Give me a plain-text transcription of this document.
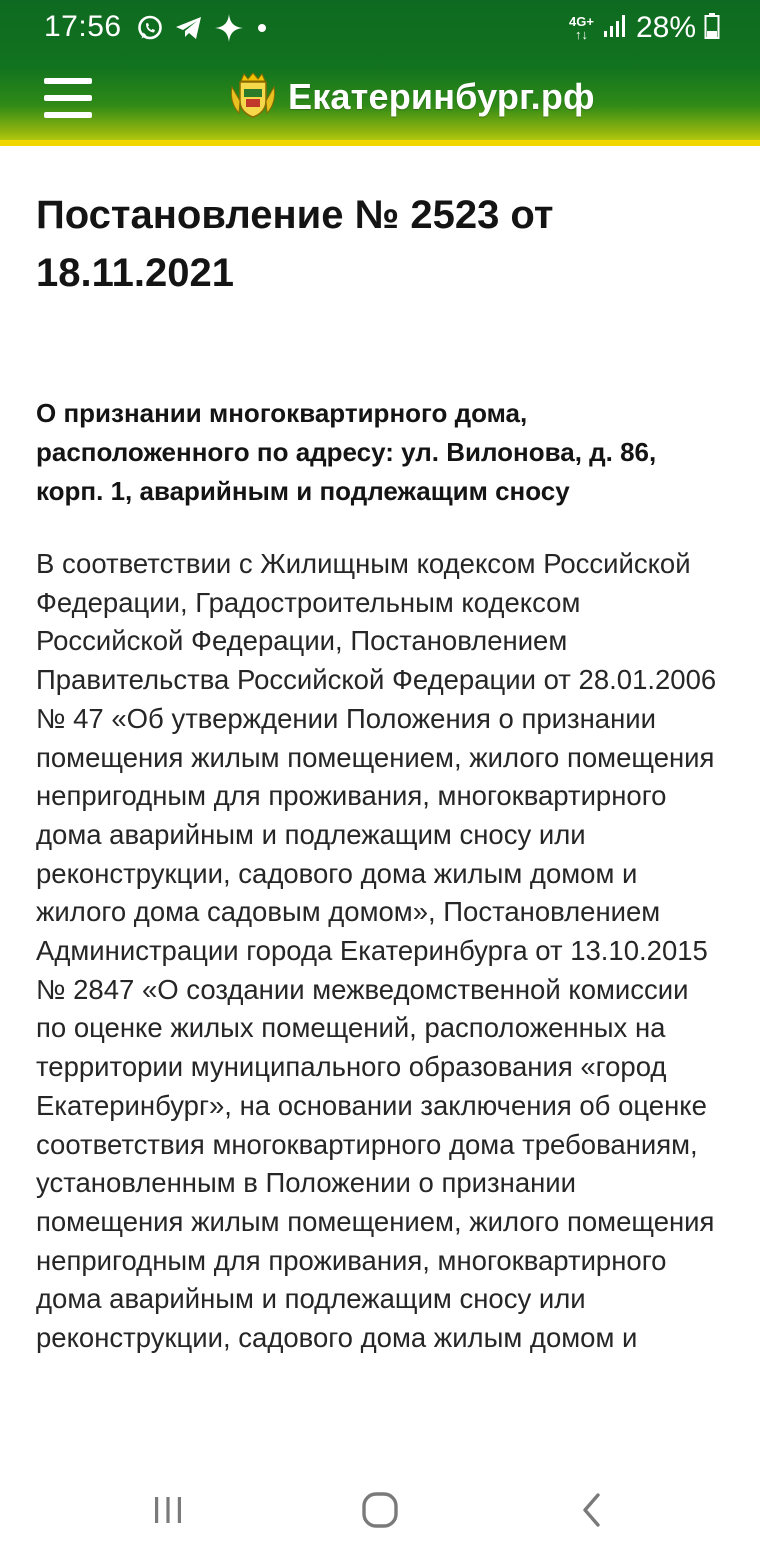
17:56	4G+
↑↓ 28%
Екатеринбург.рф
Постановление № 2523 от 18.11.2021

О признании многоквартирного дома, расположенного по адресу: ул. Вилонова, д. 86, корп. 1, аварийным и подлежащим сносу

В соответствии с Жилищным кодексом Российской Федерации, Градостроительным кодексом Российской Федерации, Постановлением Правительства Российской Федерации от 28.01.2006 № 47 «Об утверждении Положения о признании помещения жилым помещением, жилого помещения непригодным для проживания, многоквартирного дома аварийным и подлежащим сносу или реконструкции, садового дома жилым домом и жилого дома садовым домом», Постановлением Администрации города Екатеринбурга от 13.10.2015 № 2847 «О создании межведомственной комиссии по оценке жилых помещений, расположенных на территории муниципального образования «город Екатеринбург», на основании заключения об оценке соответствия многоквартирного дома требованиям, установленным в Положении о признании помещения жилым помещением, жилого помещения непригодным для проживания, многоквартирного дома аварийным и подлежащим сносу или реконструкции, садового дома жилым домом и
